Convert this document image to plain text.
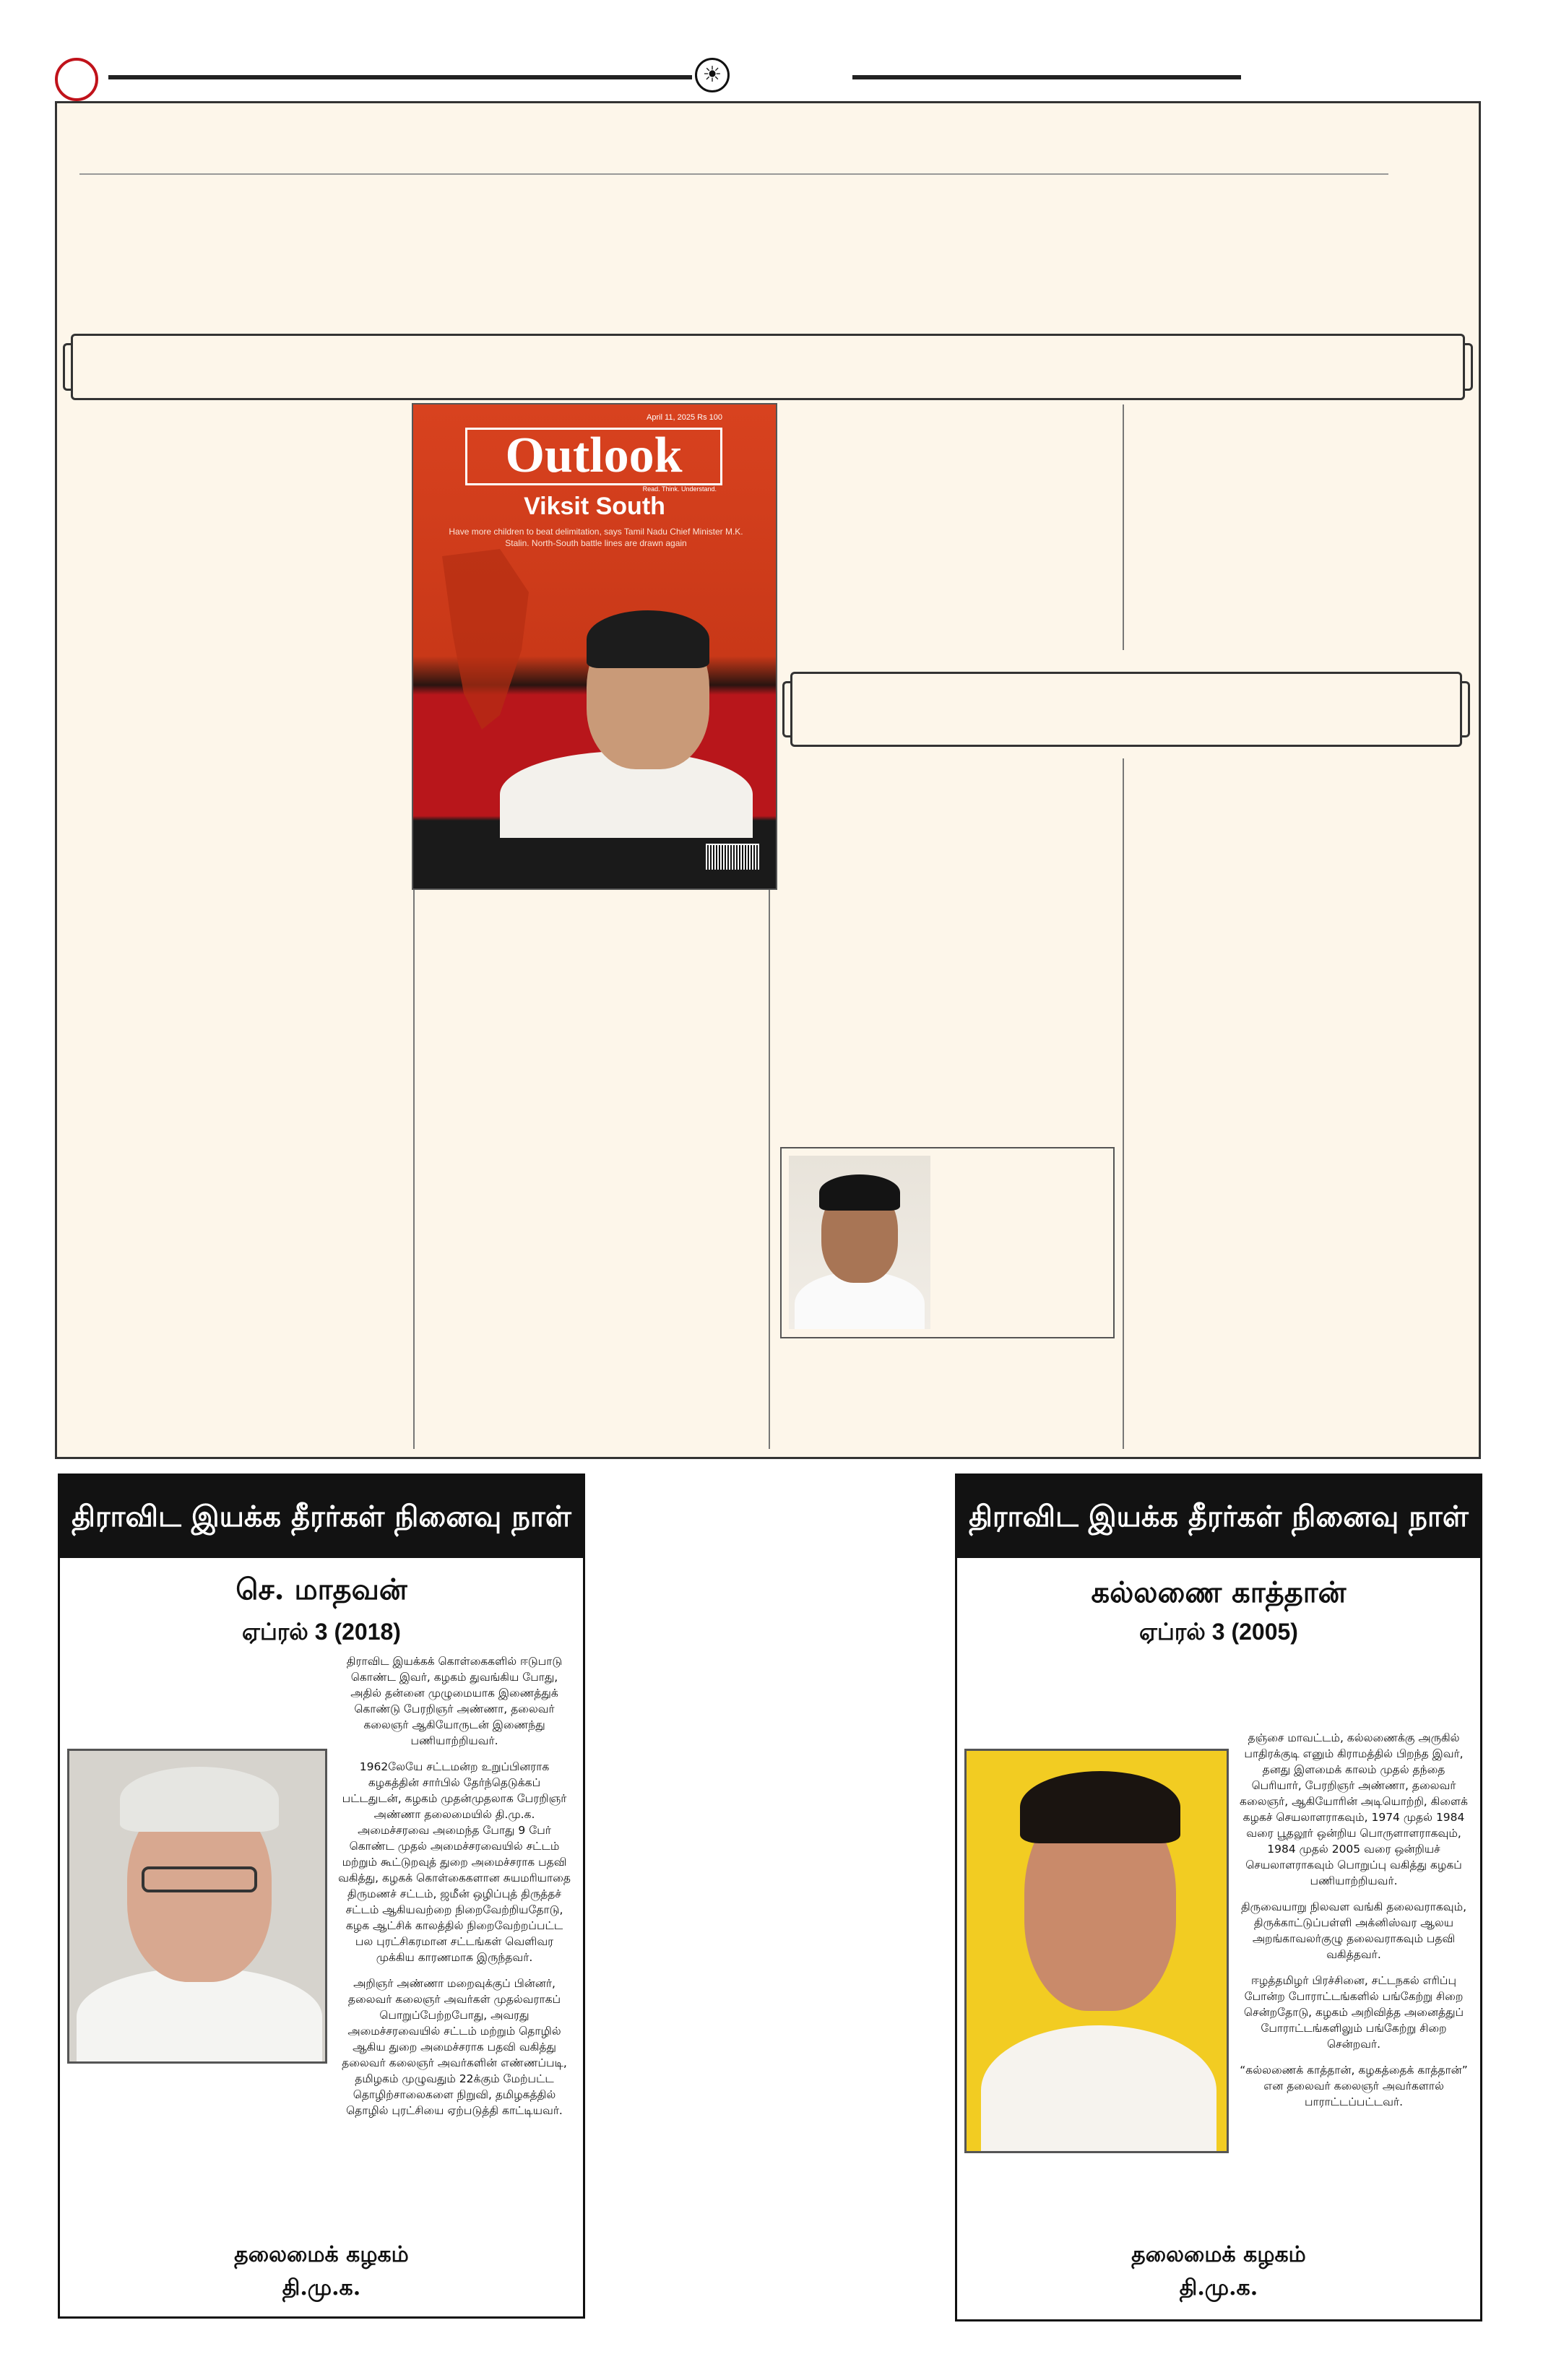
☀
April 11, 2025 Rs 100
Outlook
Read. Think. Understand.
Viksit South
Have more children to beat delimitation, says Tamil Nadu Chief Minister M.K. Stalin. North-South battle lines are drawn again
திராவிட இயக்க தீரர்கள் நினைவு நாள்
செ. மாதவன்
ஏப்ரல் 3 (2018)

திராவிட இயக்கக் கொள்கைகளில் ஈடுபாடு கொண்ட இவர், கழகம் துவங்கிய போது, அதில் தன்னை முழுமையாக இணைத்துக் கொண்டு பேரறிஞர் அண்ணா, தலைவர் கலைஞர் ஆகியோருடன் இணைந்து பணியாற்றியவர்.

1962லேயே சட்டமன்ற உறுப்பினராக கழகத்தின் சார்பில் தேர்ந்தெடுக்கப் பட்டதுடன், கழகம் முதன்முதலாக பேரறிஞர் அண்ணா தலைமையில் தி.மு.க. அமைச்சரவை அமைந்த போது 9 பேர் கொண்ட முதல் அமைச்சரவையில் சட்டம் மற்றும் கூட்டுறவுத் துறை அமைச்சராக பதவி வகித்து, கழகக் கொள்கைகளான சுயமரியாதை திருமணச் சட்டம், ஜமீன் ஒழிப்புத் திருத்தச் சட்டம் ஆகியவற்றை நிறைவேற்றியதோடு, கழக ஆட்சிக் காலத்தில் நிறைவேற்றப்பட்ட பல புரட்சிகரமான சட்டங்கள் வெளிவர முக்கிய காரணமாக இருந்தவர்.

அறிஞர் அண்ணா மறைவுக்குப் பின்னர், தலைவர் கலைஞர் அவர்கள் முதல்வராகப் பொறுப்பேற்றபோது, அவரது அமைச்சரவையில் சட்டம் மற்றும் தொழில் ஆகிய துறை அமைச்சராக பதவி வகித்து தலைவர் கலைஞர் அவர்களின் எண்ணப்படி, தமிழகம் முழுவதும் 22க்கும் மேற்பட்ட தொழிற்சாலைகளை நிறுவி, தமிழகத்தில் தொழில் புரட்சியை ஏற்படுத்தி காட்டியவர்.

தலைமைக் கழகம்
தி.மு.க.
திராவிட இயக்க தீரர்கள் நினைவு நாள்
கல்லணை காத்தான்
ஏப்ரல் 3 (2005)

தஞ்சை மாவட்டம், கல்லணைக்கு அருகில் பாதிரக்குடி எனும் கிராமத்தில் பிறந்த இவர், தனது இளமைக் காலம் முதல் தந்தை பெரியார், பேரறிஞர் அண்ணா, தலைவர் கலைஞர், ஆகியோரின் அடியொற்றி, கிளைக் கழகச் செயலாளராகவும், 1974 முதல் 1984 வரை பூதலூர் ஒன்றிய பொருளாளராகவும், 1984 முதல் 2005 வரை ஒன்றியச் செயலாளராகவும் பொறுப்பு வகித்து கழகப் பணியாற்றியவர்.

திருவையாறு நிலவள வங்கி தலைவராகவும், திருக்காட்டுப்பள்ளி அக்னிஸ்வர ஆலய அறங்காவலர்குழு தலைவராகவும் பதவி வகித்தவர்.

ஈழத்தமிழர் பிரச்சினை, சட்டநகல் எரிப்பு போன்ற போராட்டங்களில் பங்கேற்று சிறை சென்றதோடு, கழகம் அறிவித்த அனைத்துப் போராட்டங்களிலும் பங்கேற்று சிறை சென்றவர்.

“கல்லணைக் காத்தான், கழகத்தைக் காத்தான்” என தலைவர் கலைஞர் அவர்களால் பாராட்டப்பட்டவர்.

தலைமைக் கழகம்
தி.மு.க.
